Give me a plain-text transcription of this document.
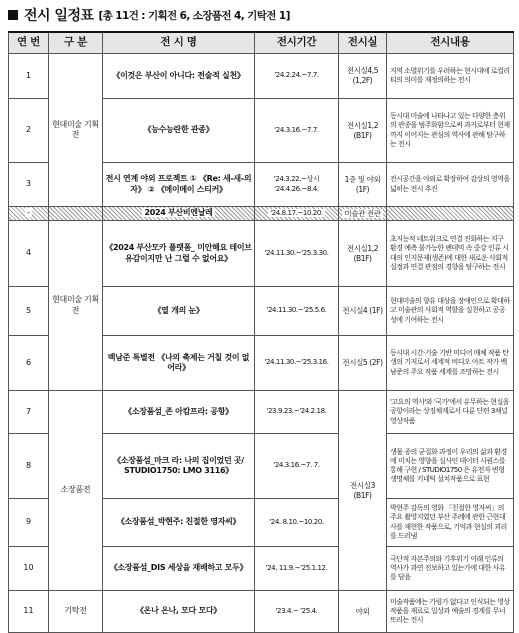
전시 일정표 [총 11건 : 기획전 6, 소장품전 4, 기탁전 1]
연 번	구 분	전 시 명	전시기간	전시실	전시내용
1	현대미술 기획전	《이것은 부산이 아니다: 전술적 실천》	'24.2.24.~7.7.	전시실4,5 (1,2F)	지역 소멸위기를 우려하는 현시대에 로컬리티의 의미를 재정의하는 전시
2		《능수능란한 관종》	'24.3.16.~7.7.	전시실1,2 (B1F)	동시대 미술에 나타나고 있는 다양한 층위의 관종을 범주화함으로써 과거로부터 현재까지 이어지는 관심의 역사에 관해 탐구하는 전시
3		전시 연계 야외 프로젝트 ① 《Re: 새-새-의자》 ② 《메이메이 스티커》	'24.3.22.~상시 '24.4.26.~8.4.	1층 및 야외 (1F)	전시공간을 야외로 확장하여 감상의 영역을 넓히는 전시 추진
-		2024 부산비엔날레	'24.8.17.~10.20.	미술관 전관	
4	현대미술 기획전	《2024 부산모카 플랫폼_ 미안해요 테이브 유감이지만 난 그럴 수 없어요》	'24.11.30.~'25.3.30.	전시실1,2 (B1F)	초지능적 네트워크로 연결 진화하는 지구 환경 예측 불가능한 팬데믹 속 중강 인류 시대의 인지문제(생존)에 대한 새로운 사회적 설정과 연결 관점의 경향을 탐구하는 전시
5		《열 개의 눈》	'24.11.30.~'25.5.6.	전시실4 (1F)	현대미술의 향유 대상을 장애인으로 확대하고 미술관의 사회적 역할을 실천하고 공공성에 기여하는 전시
6		백남준 특별전 《나의 축제는 거칠 것이 없어라》	'24.11.30.~'25.3.16.	전시실5 (2F)	동시대 시간·기술 기반 미디어 매체 작품 탄생의 기저로서 세계적 비디오 아트 작가 백남준의 주요 작품 세계를 조망하는 전시
7	소장품전	《소장품섬_존 아캄프라: 공항》	'23.9.23.~'24.2.18.	전시실3 (B1F)	'고요의 역사'와 '국가'에서 유무하는 현실을 공항이라는 상징체계로서 다룬 단편 3채널 영상작품
8		《소장품섬_마크 라: 나의 집이었던 곳/ STUDIO1750: LMO 3116》	'24.3.16.~7. 7.		생물 종의 균질화 과정이 우리의 삶과 환경에 미치는 영향을 실사인 데이터 시퀀스를 통해 구현 / STUDIO1750 은 유전자 변형 생명체를 키네틱 설치작품으로 표현
9		《소장품섬_박현주: 친절한 영자씨》	'24. 8.10.~10.20.		박현주 감독의 영화 「친절한 영자씨」의 주요 촬영지였던 부산 주례에 관한 근현대사를 재현한 작품으로, 기억과 현실의 괴리를 드러냄
10		《소장품섬_DIS 세상을 재배하고 모두》	'24. 11.9.~'25.1.12.		극단적 자본주의와 기후위기 이래 인류의 역사가 과연 진보하고 있는가에 대한 사유를 담음
11	기탁전	《온나 온나, 모다 모다》	'23.4.~ '25.4.	야외	미술작품에는 가림가 없다고 인식되는 영상작품을 재료로 일상과 예술의 경계를 무너뜨리는 전시
